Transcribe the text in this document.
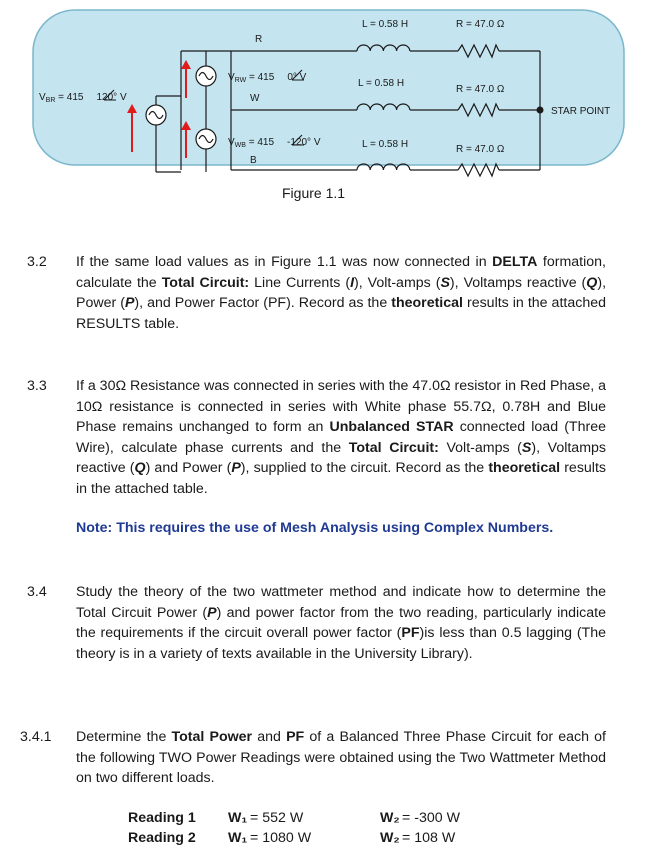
R
W
B
$V_{BR} = 415$ 120° V
$V_{RW} = 415$ 0° V
$V_{WB} = 415$ -120° V
L = 0.58 H
L = 0.58 H
L = 0.58 H
R = 47.0 Ω
R = 47.0 Ω
R = 47.0 Ω
STAR POINT
Figure 1.1
3.2 If the same load values as in Figure 1.1 was now connected in DELTA formation, calculate the Total Circuit: Line Currents (I), Volt-amps (S), Voltamps reactive (Q), Power (P), and Power Factor (PF). Record as the theoretical results in the attached RESULTS table.
3.3 If a 30Ω Resistance was connected in series with the 47.0Ω resistor in Red Phase, a 10Ω resistance is connected in series with White phase 55.7Ω, 0.78H and Blue Phase remains unchanged to form an Unbalanced STAR connected load (Three Wire), calculate phase currents and the Total Circuit: Volt-amps (S), Voltamps reactive (Q) and Power (P), supplied to the circuit. Record as the theoretical results in the attached table.
Note: This requires the use of Mesh Analysis using Complex Numbers.
3.4 Study the theory of the two wattmeter method and indicate how to determine the Total Circuit Power (P) and power factor from the two reading, particularly indicate the requirements if the circuit overall power factor (PF)is less than 0.5 lagging (The theory is in a variety of texts available in the University Library).
3.4.1 Determine the Total Power and PF of a Balanced Three Phase Circuit for each of the following TWO Power Readings were obtained using the Two Wattmeter Method on two different loads.
Reading 1 W₁ = 552 W	W₂ = -300 W
Reading 2 W₁ = 1080 W	W₂ = 108 W
